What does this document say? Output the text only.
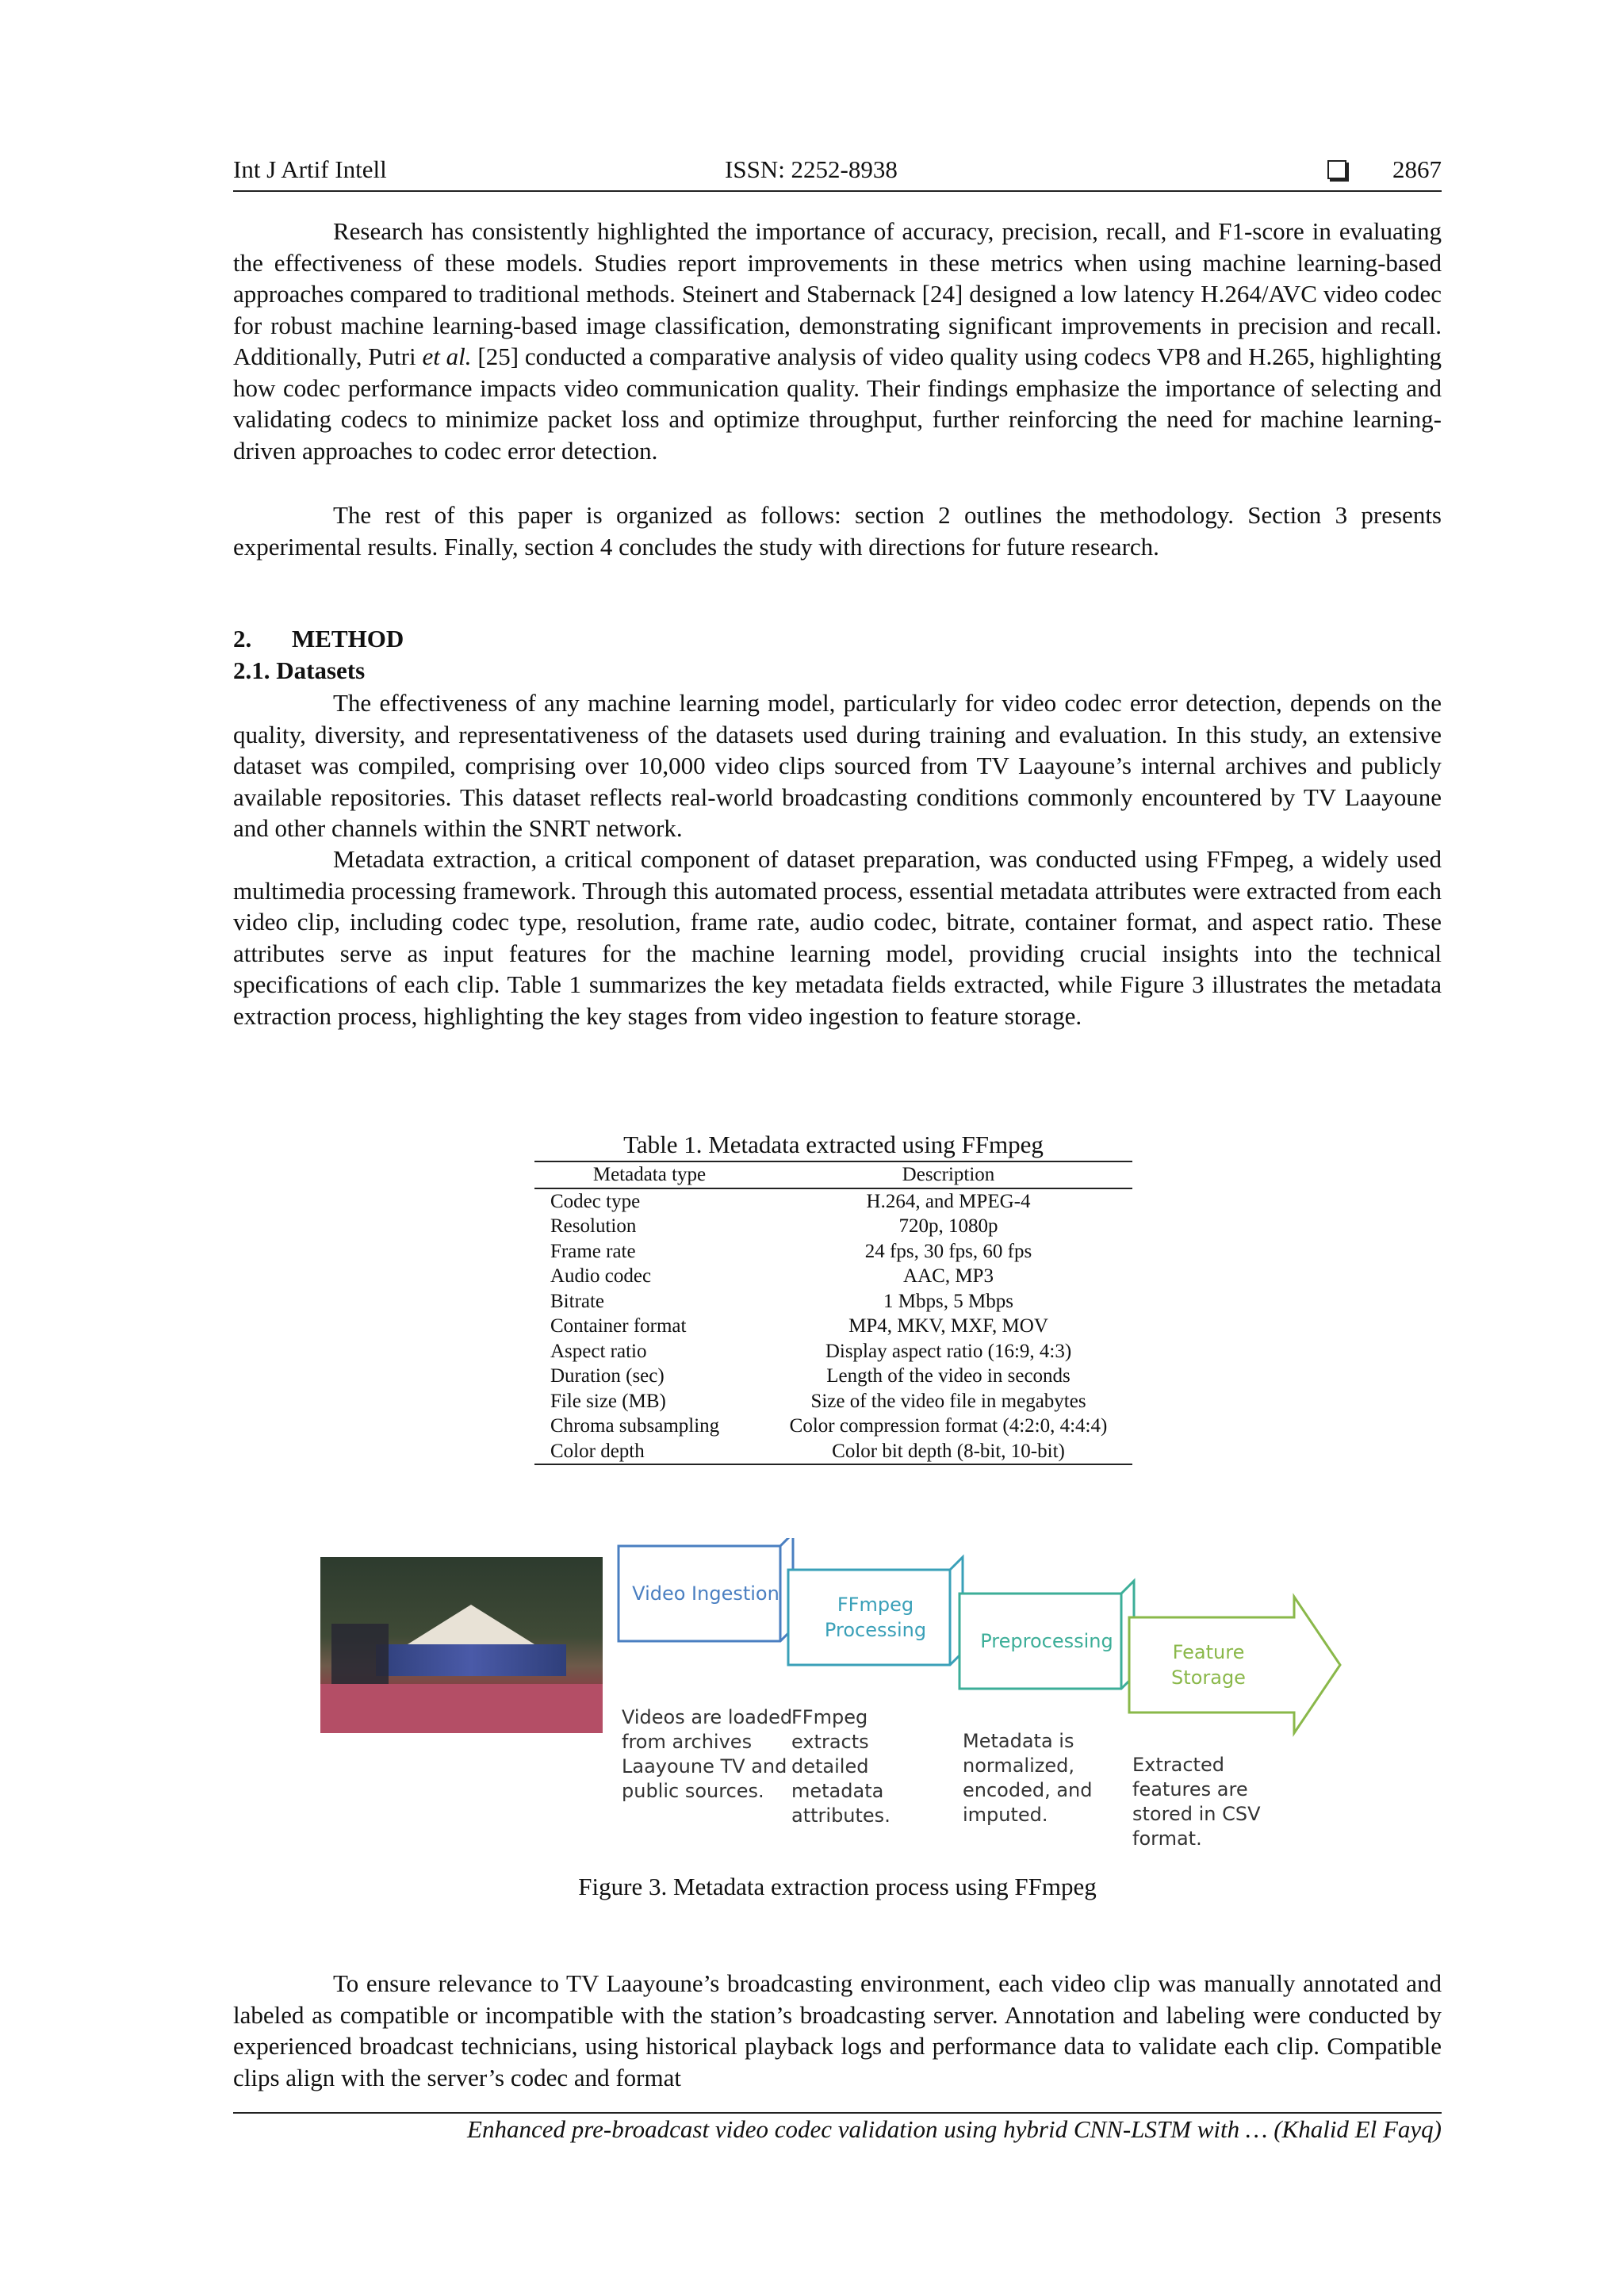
Int J Artif Intell	ISSN: 2252-8938	2867

Research has consistently highlighted the importance of accuracy, precision, recall, and F1-score in evaluating the effectiveness of these models. Studies report improvements in these metrics when using machine learning-based approaches compared to traditional methods. Steinert and Stabernack [24] designed a low latency H.264/AVC video codec for robust machine learning-based image classification, demonstrating significant improvements in precision and recall. Additionally, Putri et al. [25] conducted a comparative analysis of video quality using codecs VP8 and H.265, highlighting how codec performance impacts video communication quality. Their findings emphasize the importance of selecting and validating codecs to minimize packet loss and optimize throughput, further reinforcing the need for machine learning-driven approaches to codec error detection.

The rest of this paper is organized as follows: section 2 outlines the methodology. Section 3 presents experimental results. Finally, section 4 concludes the study with directions for future research.

2. METHOD
2.1. Datasets

The effectiveness of any machine learning model, particularly for video codec error detection, depends on the quality, diversity, and representativeness of the datasets used during training and evaluation. In this study, an extensive dataset was compiled, comprising over 10,000 video clips sourced from TV Laayoune’s internal archives and publicly available repositories. This dataset reflects real-world broadcasting conditions commonly encountered by TV Laayoune and other channels within the SNRT network.

Metadata extraction, a critical component of dataset preparation, was conducted using FFmpeg, a widely used multimedia processing framework. Through this automated process, essential metadata attributes were extracted from each video clip, including codec type, resolution, frame rate, audio codec, bitrate, container format, and aspect ratio. These attributes serve as input features for the machine learning model, providing crucial insights into the technical specifications of each clip. Table 1 summarizes the key metadata fields extracted, while Figure 3 illustrates the metadata extraction process, highlighting the key stages from video ingestion to feature storage.

Table 1. Metadata extracted using FFmpeg
Metadata type	Description
Codec type	H.264, and MPEG-4
Resolution	720p, 1080p
Frame rate	24 fps, 30 fps, 60 fps
Audio codec	AAC, MP3
Bitrate	1 Mbps, 5 Mbps
Container format	MP4, MKV, MXF, MOV
Aspect ratio	Display aspect ratio (16:9, 4:3)
Duration (sec)	Length of the video in seconds
File size (MB)	Size of the video file in megabytes
Chroma subsampling	Color compression format (4:2:0, 4:4:4)
Color depth	Color bit depth (8-bit, 10-bit)
Video Ingestion
Videos are loaded
from archives
Laayoune TV and
public sources.
FFmpeg
Processing
FFmpeg
extracts
detailed
metadata
attributes.
Preprocessing
Metadata is
normalized,
encoded, and
imputed.
Feature
Storage
Extracted
features are
stored in CSV
format.
Figure 3. Metadata extraction process using FFmpeg

To ensure relevance to TV Laayoune’s broadcasting environment, each video clip was manually annotated and labeled as compatible or incompatible with the station’s broadcasting server. Annotation and labeling were conducted by experienced broadcast technicians, using historical playback logs and performance data to validate each clip. Compatible clips align with the server’s codec and format

Enhanced pre-broadcast video codec validation using hybrid CNN-LSTM with … (Khalid El Fayq)
